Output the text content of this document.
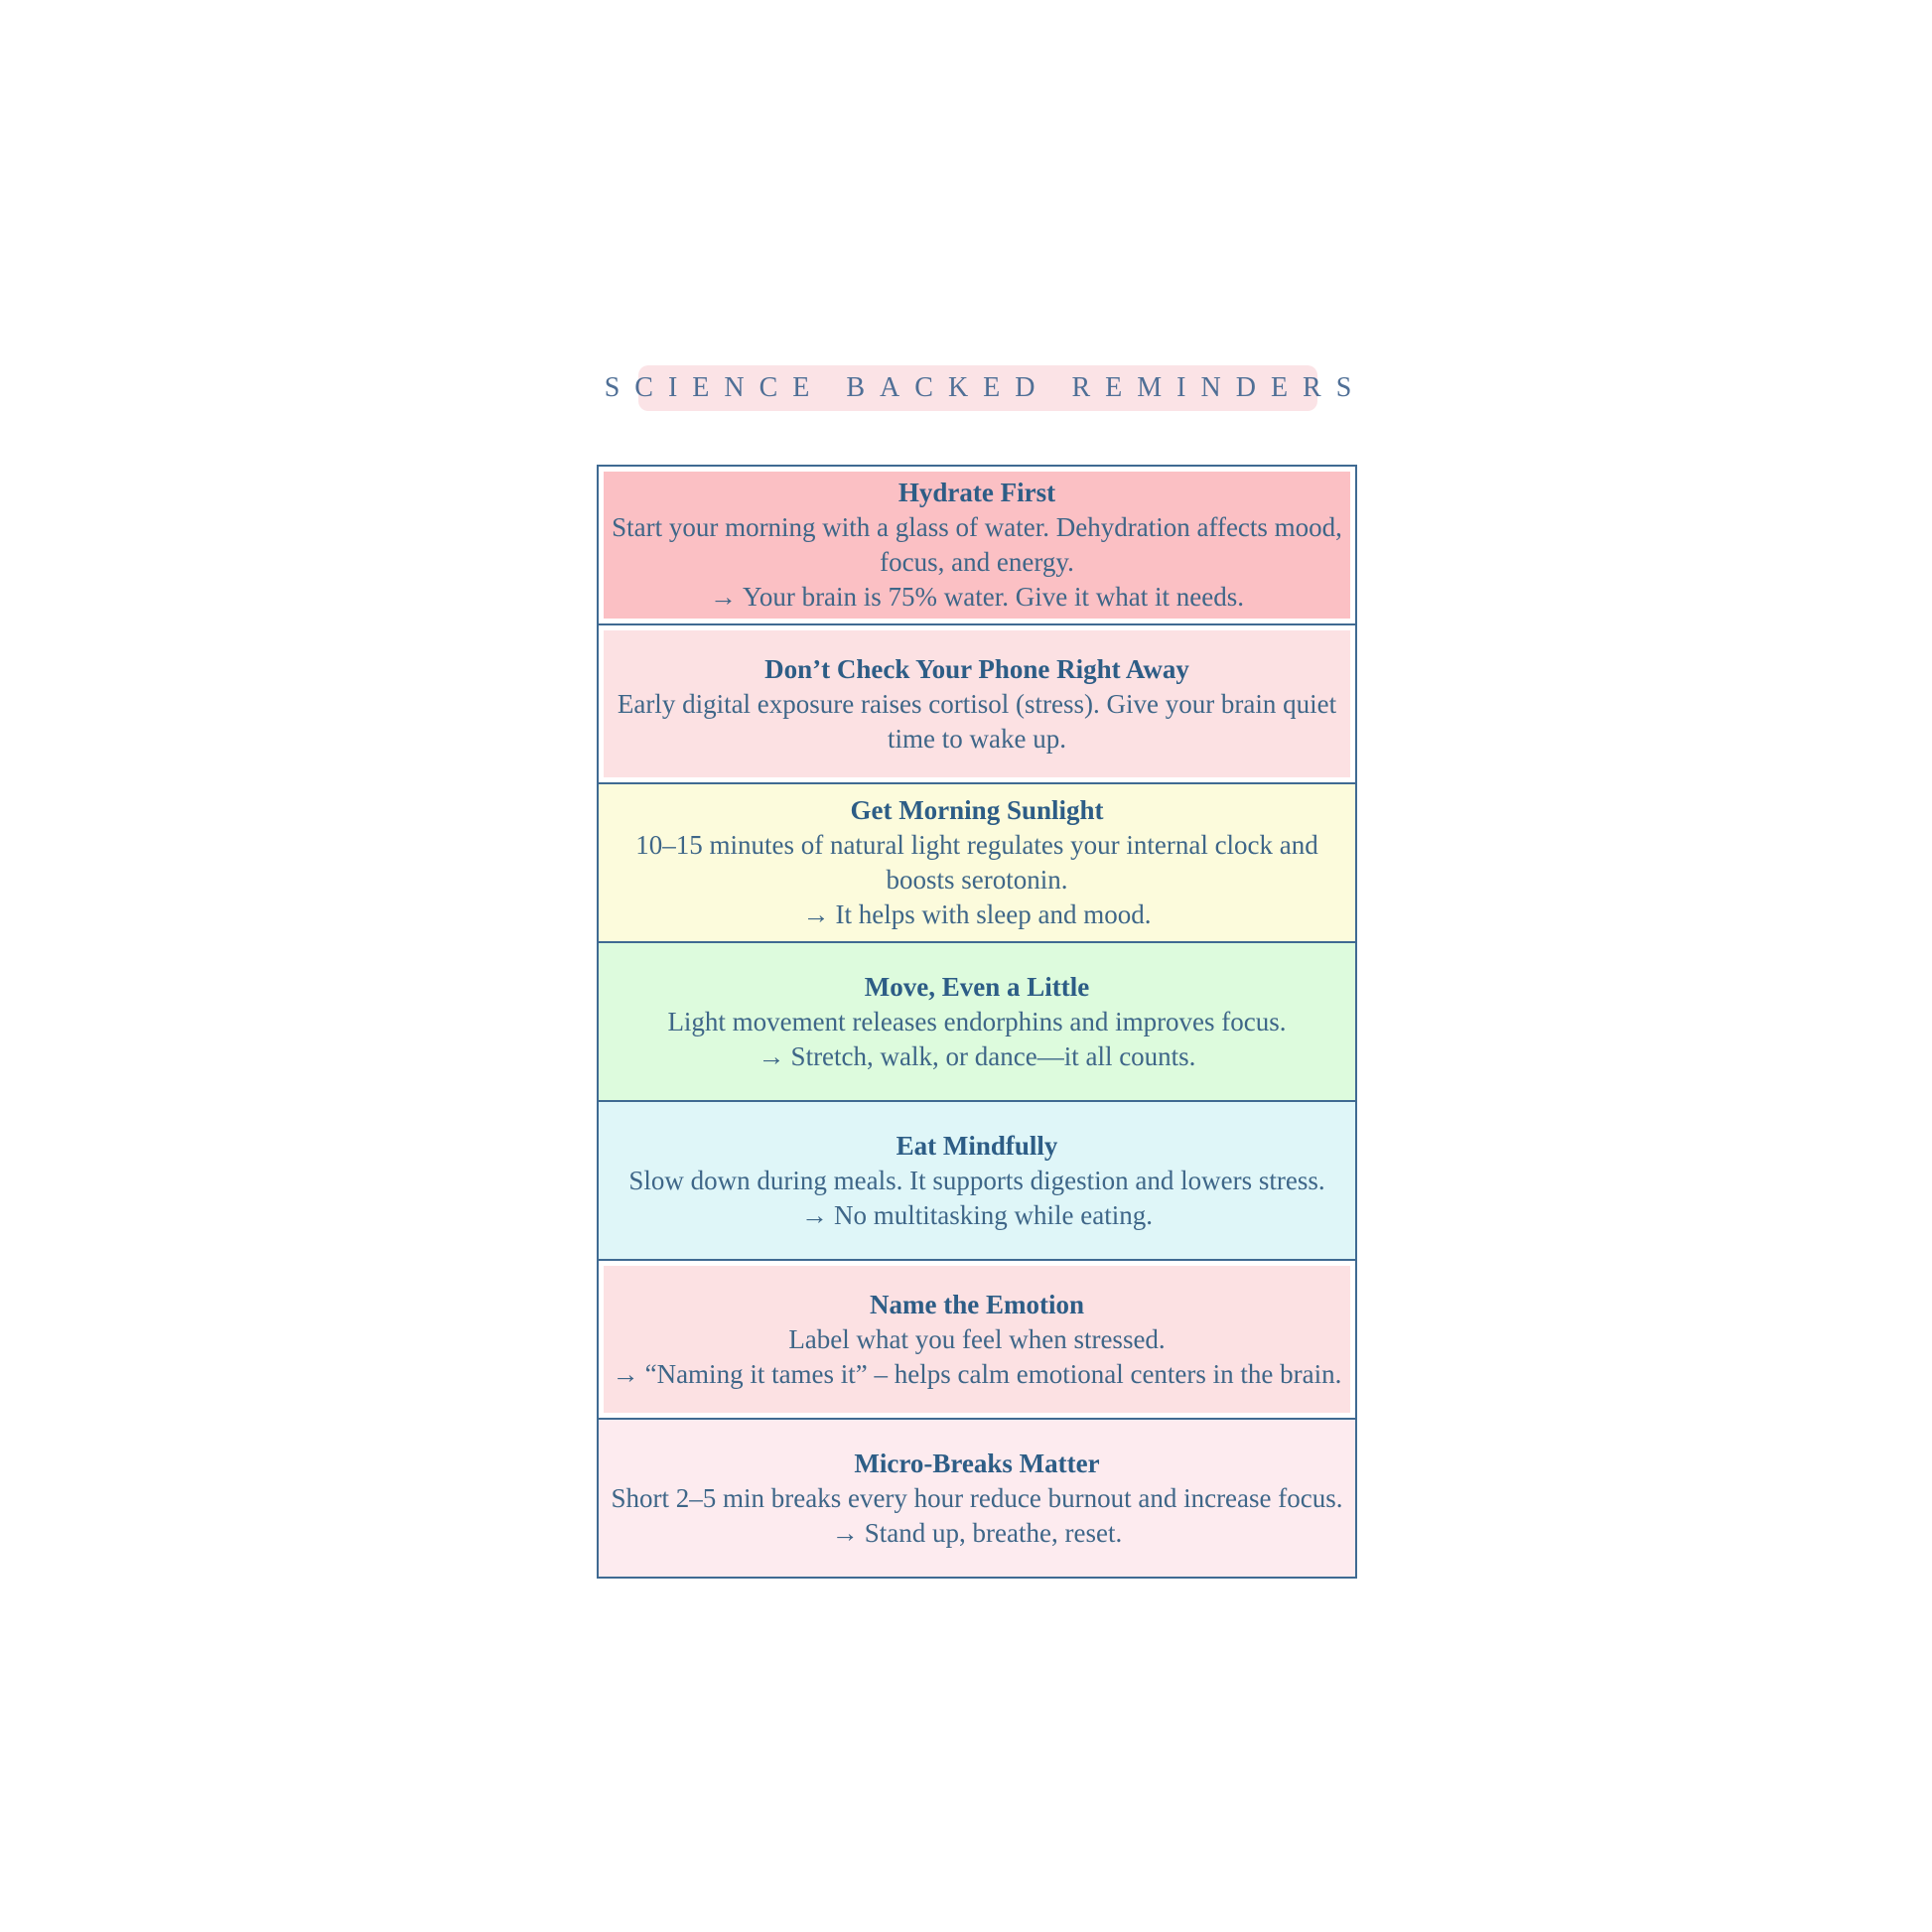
SCIENCE BACKED REMINDERS
Hydrate First
Start your morning with a glass of water. Dehydration affects mood, focus, and energy.
→ Your brain is 75% water. Give it what it needs.
Don’t Check Your Phone Right Away
Early digital exposure raises cortisol (stress). Give your brain quiet time to wake up.
Get Morning Sunlight
10–15 minutes of natural light regulates your internal clock and boosts serotonin.
→ It helps with sleep and mood.
Move, Even a Little
Light movement releases endorphins and improves focus.
→ Stretch, walk, or dance—it all counts.
Eat Mindfully
Slow down during meals. It supports digestion and lowers stress.
→ No multitasking while eating.
Name the Emotion
Label what you feel when stressed.
→ “Naming it tames it” – helps calm emotional centers in the brain.
Micro-Breaks Matter
Short 2–5 min breaks every hour reduce burnout and increase focus.
→ Stand up, breathe, reset.
